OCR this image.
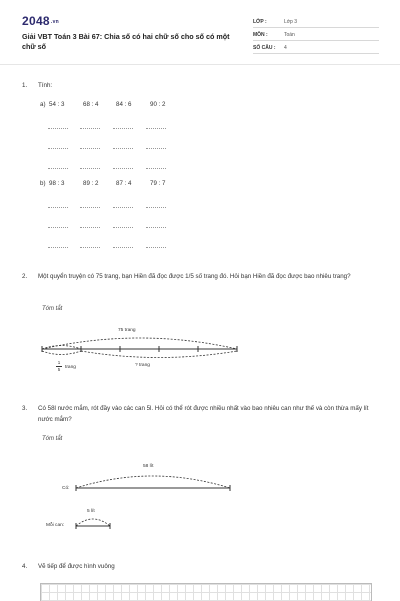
2048.vn
Giải VBT Toán 3 Bài 67: Chia số có hai chữ số cho số có một chữ số
LỚP :	Lớp 3
MÔN :	Toán
SỐ CÂU : 4
1. Tính:
a) 54 : 3	68 : 4	84 : 6	90 : 2
b) 98 : 3	89 : 2	87 : 4	79 : 7
2. Một quyển truyện có 75 trang, bạn Hiền đã đọc được 1/5 số trang đó. Hỏi bạn Hiền đã đọc được bao nhiêu trang?
Tóm tắt
75 trang
1
5 trang	? trang
3. Có 58l nước mắm, rót đầy vào các can 5l. Hỏi có thể rót được nhiều nhất vào bao nhiêu can như thế và còn thừa mấy lít nước mắm?
Tóm tắt
58 lít
Có:
5 lít
Mỗi can:
4. Vẽ tiếp để được hình vuông
